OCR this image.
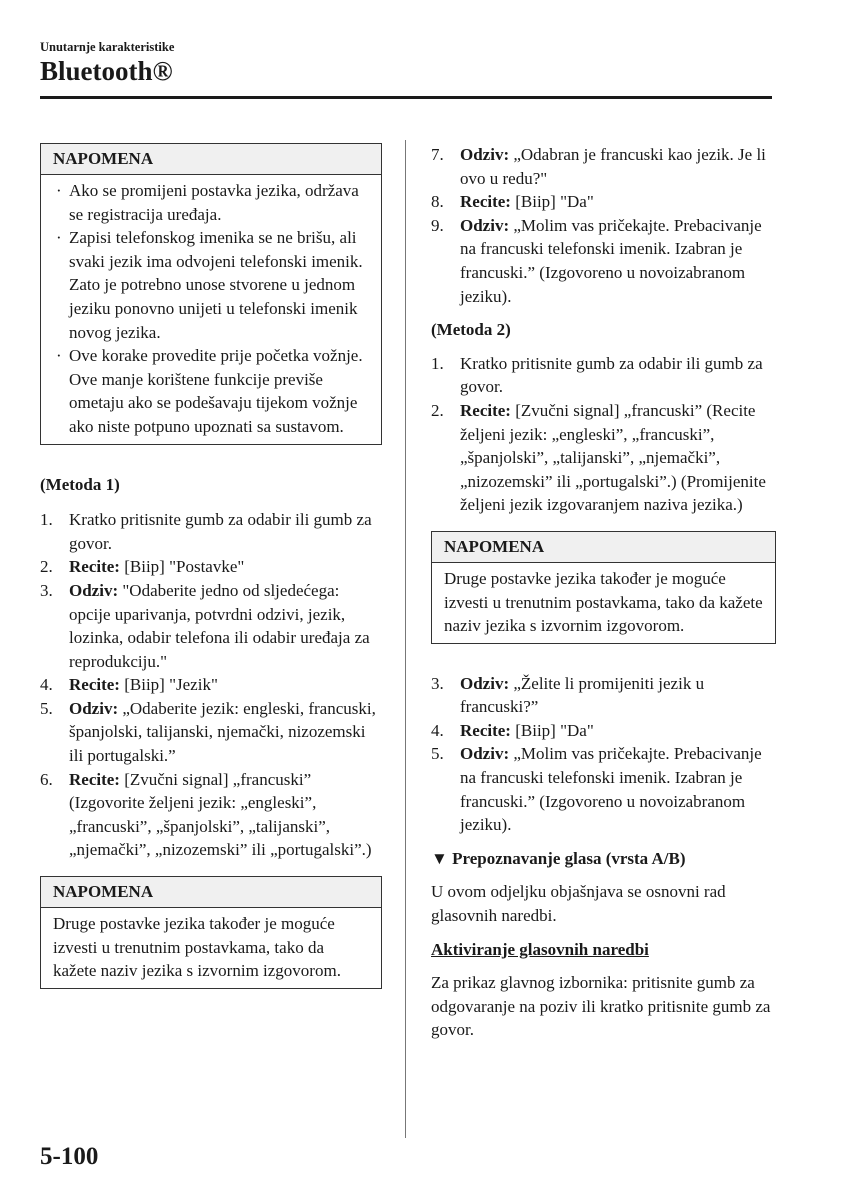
Unutarnje karakteristike
Bluetooth®
NAPOMENA
· Ako se promijeni postavka jezika, održava se registracija uređaja.
· Zapisi telefonskog imenika se ne brišu, ali svaki jezik ima odvojeni telefonski imenik. Zato je potrebno unose stvorene u jednom jeziku ponovno unijeti u telefonski imenik novog jezika.
· Ove korake provedite prije početka vožnje. Ove manje korištene funkcije previše ometaju ako se podešavaju tijekom vožnje ako niste potpuno upoznati sa sustavom.
(Metoda 1)
1. Kratko pritisnite gumb za odabir ili gumb za govor.
2. Recite: [Biip] "Postavke"
3. Odziv: "Odaberite jedno od sljedećega: opcije uparivanja, potvrdni odzivi, jezik, lozinka, odabir telefona ili odabir uređaja za reprodukciju."
4. Recite: [Biip] "Jezik"
5. Odziv: „Odaberite jezik: engleski, francuski, španjolski, talijanski, njemački, nizozemski ili portugalski.”
6. Recite: [Zvučni signal] „francuski” (Izgovorite željeni jezik: „engleski”, „francuski”, „španjolski”, „talijanski”, „njemački”, „nizozemski” ili „portugalski”.)
NAPOMENA
Druge postavke jezika također je moguće izvesti u trenutnim postavkama, tako da kažete naziv jezika s izvornim izgovorom.
7. Odziv: „Odabran je francuski kao jezik. Je li ovo u redu?"
8. Recite: [Biip] "Da"
9. Odziv: „Molim vas pričekajte. Prebacivanje na francuski telefonski imenik. Izabran je francuski.” (Izgovoreno u novoizabranom jeziku).
(Metoda 2)
1. Kratko pritisnite gumb za odabir ili gumb za govor.
2. Recite: [Zvučni signal] „francuski” (Recite željeni jezik: „engleski”, „francuski”, „španjolski”, „talijanski”, „njemački”, „nizozemski” ili „portugalski”.) (Promijenite željeni jezik izgovaranjem naziva jezika.)
NAPOMENA
Druge postavke jezika također je moguće izvesti u trenutnim postavkama, tako da kažete naziv jezika s izvornim izgovorom.
3. Odziv: „Želite li promijeniti jezik u francuski?”
4. Recite: [Biip] "Da"
5. Odziv: „Molim vas pričekajte. Prebacivanje na francuski telefonski imenik. Izabran je francuski.” (Izgovoreno u novoizabranom jeziku).
▼ Prepoznavanje glasa (vrsta A/B)
U ovom odjeljku objašnjava se osnovni rad glasovnih naredbi.
Aktiviranje glasovnih naredbi
Za prikaz glavnog izbornika: pritisnite gumb za odgovaranje na poziv ili kratko pritisnite gumb za govor.
5-100
